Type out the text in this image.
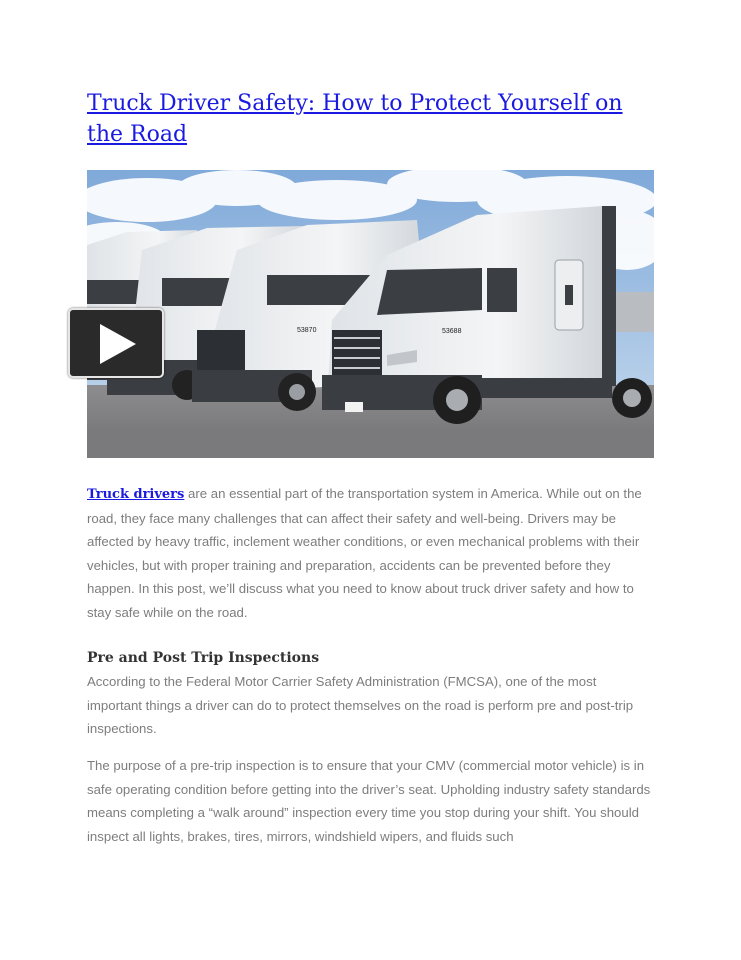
Truck Driver Safety: How to Protect Yourself on the Road
53688
53870

Truck drivers are an essential part of the transportation system in America. While out on the road, they face many challenges that can affect their safety and well-being. Drivers may be affected by heavy traffic, inclement weather conditions, or even mechanical problems with their vehicles, but with proper training and preparation, accidents can be prevented before they happen. In this post, we’ll discuss what you need to know about truck driver safety and how to stay safe while on the road.

Pre and Post Trip Inspections

According to the Federal Motor Carrier Safety Administration (FMCSA), one of the most important things a driver can do to protect themselves on the road is perform pre and post-trip inspections.

The purpose of a pre-trip inspection is to ensure that your CMV (commercial motor vehicle) is in safe operating condition before getting into the driver’s seat. Upholding industry safety standards means completing a “walk around” inspection every time you stop during your shift. You should inspect all lights, brakes, tires, mirrors, windshield wipers, and fluids such
